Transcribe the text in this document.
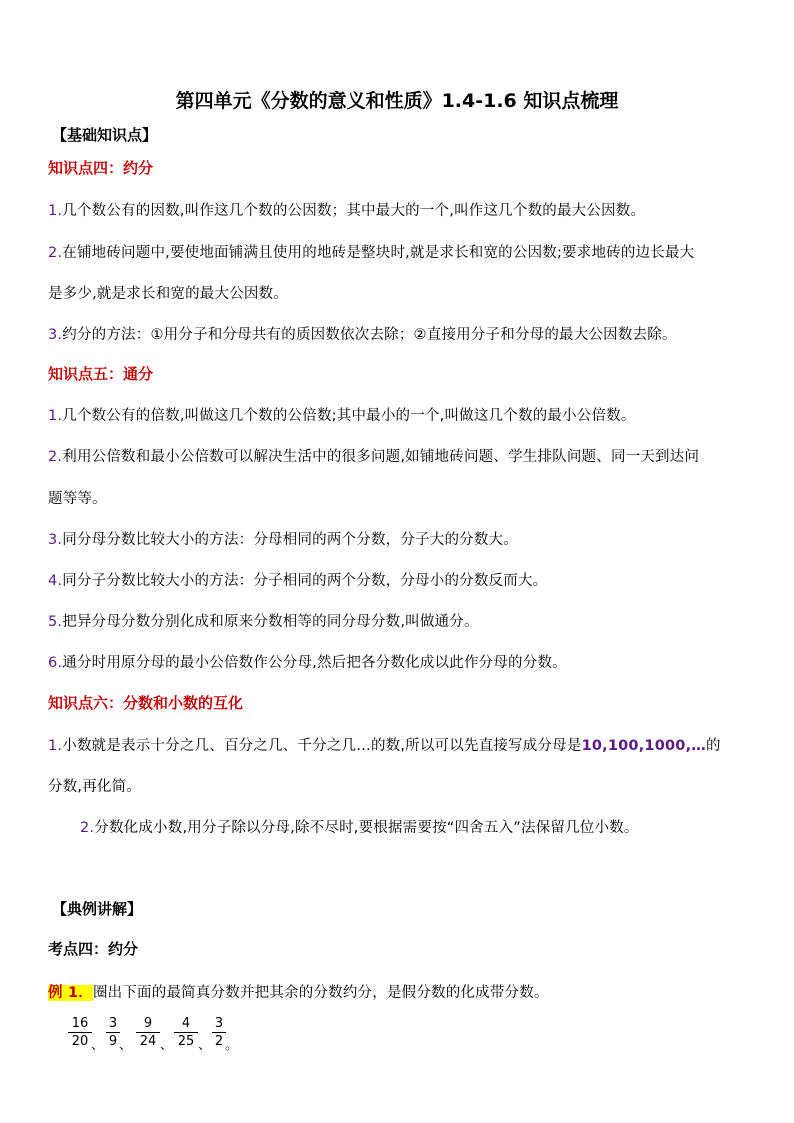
第四单元《分数的意义和性质》1.4-1.6 知识点梳理
【基础知识点】
知识点四：约分
1.几个数公有的因数,叫作这几个数的公因数；其中最大的一个,叫作这几个数的最大公因数。
2.在铺地砖问题中,要使地面铺满且使用的地砖是整块时,就是求长和宽的公因数;要求地砖的边长最大
是多少,就是求长和宽的最大公因数。
3.约分的方法：①用分子和分母共有的质因数依次去除；②直接用分子和分母的最大公因数去除。
知识点五：通分
1.几个数公有的倍数,叫做这几个数的公倍数;其中最小的一个,叫做这几个数的最小公倍数。
2.利用公倍数和最小公倍数可以解决生活中的很多问题,如铺地砖问题、学生排队问题、同一天到达问
题等等。
3.同分母分数比较大小的方法：分母相同的两个分数，分子大的分数大。
4.同分子分数比较大小的方法：分子相同的两个分数，分母小的分数反而大。
5.把异分母分数分别化成和原来分数相等的同分母分数,叫做通分。
6.通分时用原分母的最小公倍数作公分母,然后把各分数化成以此作分母的分数。
知识点六：分数和小数的互化
1.小数就是表示十分之几、百分之几、千分之几…的数,所以可以先直接写成分母是10,100,1000,…的
分数,再化简。
2.分数化成小数,用分子除以分母,除不尽时,要根据需要按“四舍五入”法保留几位小数。
【典例讲解】
考点四：约分
例 1．圈出下面的最简真分数并把其余的分数约分，是假分数的化成带分数。
16
20 、
3
9 、
9
24 、
4
25 、
3
2 。
